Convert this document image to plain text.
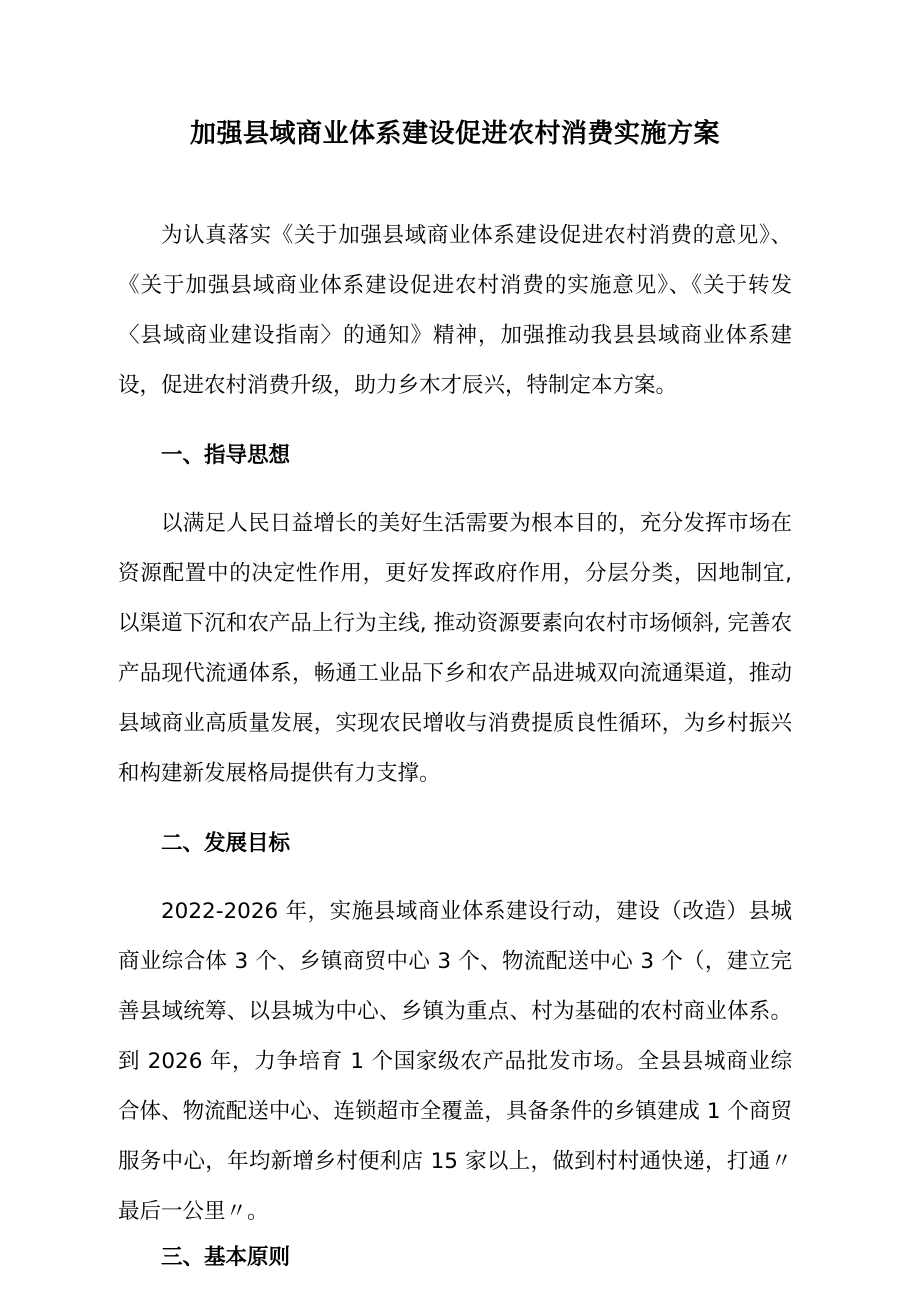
加强县域商业体系建设促进农村消费实施方案

为认真落实《关于加强县域商业体系建设促进农村消费的意见》、《关于加强县域商业体系建设促进农村消费的实施意见》、《关于转发〈县域商业建设指南〉的通知》精神，加强推动我县县域商业体系建设，促进农村消费升级，助力乡木才辰兴，特制定本方案。

一、指导思想

以满足人民日益增长的美好生活需要为根本目的，充分发挥市场在资源配置中的决定性作用，更好发挥政府作用，分层分类，因地制宜, 以渠道下沉和农产品上行为主线, 推动资源要素向农村市场倾斜, 完善农产品现代流通体系，畅通工业品下乡和农产品进城双向流通渠道，推动县域商业高质量发展，实现农民增收与消费提质良性循环，为乡村振兴和构建新发展格局提供有力支撑。

二、发展目标

2022-2026 年，实施县域商业体系建设行动，建设（改造）县城商业综合体 3 个、乡镇商贸中心 3 个、物流配送中心 3 个（，建立完善县域统筹、以县城为中心、乡镇为重点、村为基础的农村商业体系。到 2026 年，力争培育 1 个国家级农产品批发市场。全县县城商业综合体、物流配送中心、连锁超市全覆盖，具备条件的乡镇建成 1 个商贸服务中心，年均新增乡村便利店 15 家以上，做到村村通快递，打通〃最后一公里〃。

三、基本原则
